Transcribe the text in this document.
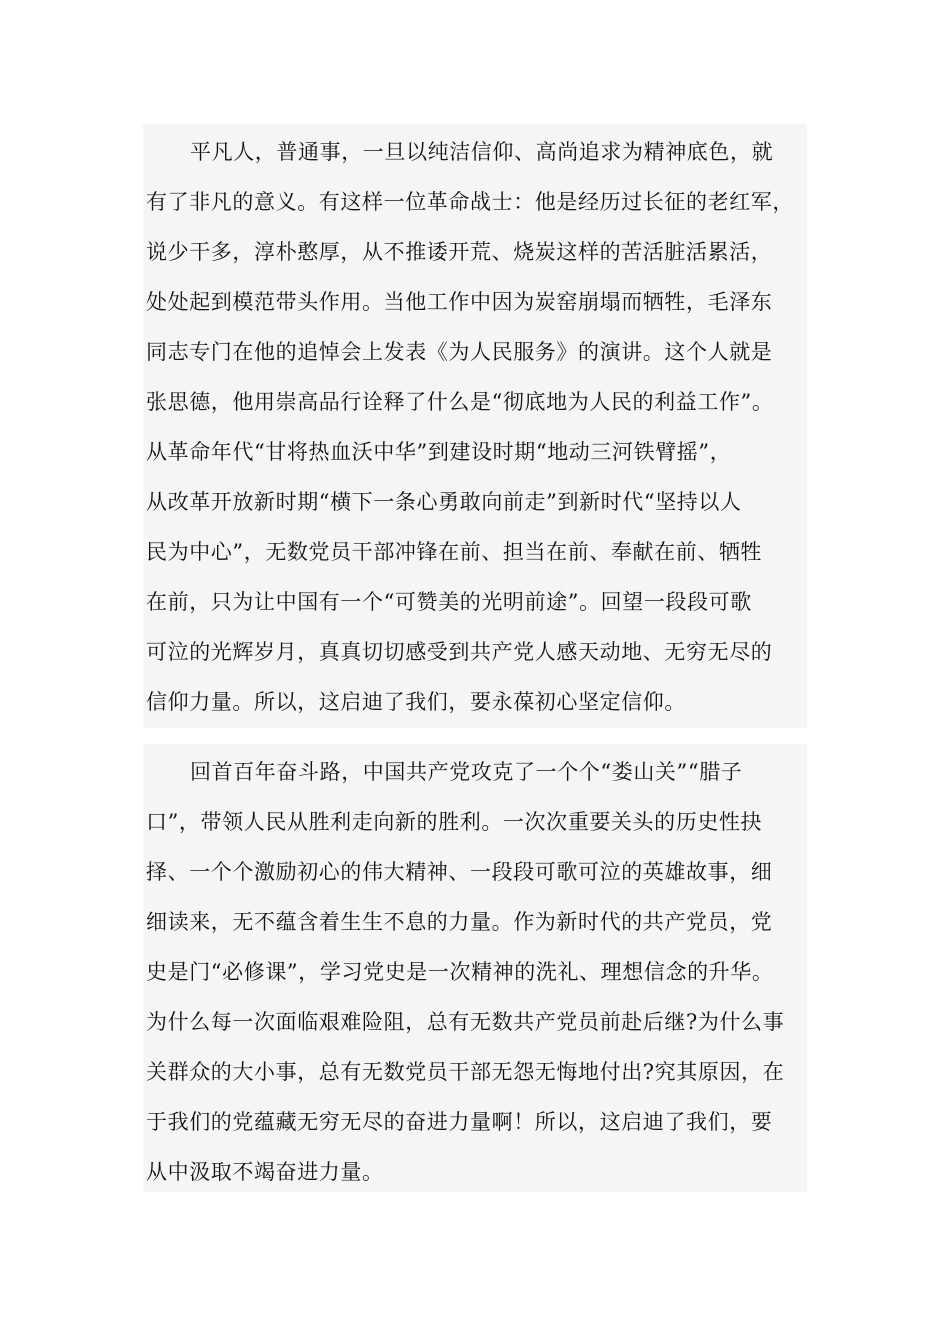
平凡人，普通事，一旦以纯洁信仰、高尚追求为精神底色，就
有了非凡的意义。有这样一位革命战士：他是经历过长征的老红军，
说少干多，淳朴憨厚，从不推诿开荒、烧炭这样的苦活脏活累活，
处处起到模范带头作用。当他工作中因为炭窑崩塌而牺牲，毛泽东
同志专门在他的追悼会上发表《为人民服务》的演讲。这个人就是
张思德，他用崇高品行诠释了什么是“彻底地为人民的利益工作”。
从革命年代“甘将热血沃中华”到建设时期“地动三河铁臂摇”，
从改革开放新时期“横下一条心勇敢向前走”到新时代“坚持以人
民为中心”，无数党员干部冲锋在前、担当在前、奉献在前、牺牲
在前，只为让中国有一个“可赞美的光明前途”。回望一段段可歌
可泣的光辉岁月，真真切切感受到共产党人感天动地、无穷无尽的
信仰力量。所以，这启迪了我们，要永葆初心坚定信仰。
回首百年奋斗路，中国共产党攻克了一个个“娄山关”“腊子
口”，带领人民从胜利走向新的胜利。一次次重要关头的历史性抉
择、一个个激励初心的伟大精神、一段段可歌可泣的英雄故事，细
细读来，无不蕴含着生生不息的力量。作为新时代的共产党员，党
史是门“必修课”，学习党史是一次精神的洗礼、理想信念的升华。
为什么每一次面临艰难险阻，总有无数共产党员前赴后继?为什么事
关群众的大小事，总有无数党员干部无怨无悔地付出?究其原因，在
于我们的党蕴藏无穷无尽的奋进力量啊！所以，这启迪了我们，要
从中汲取不竭奋进力量。
